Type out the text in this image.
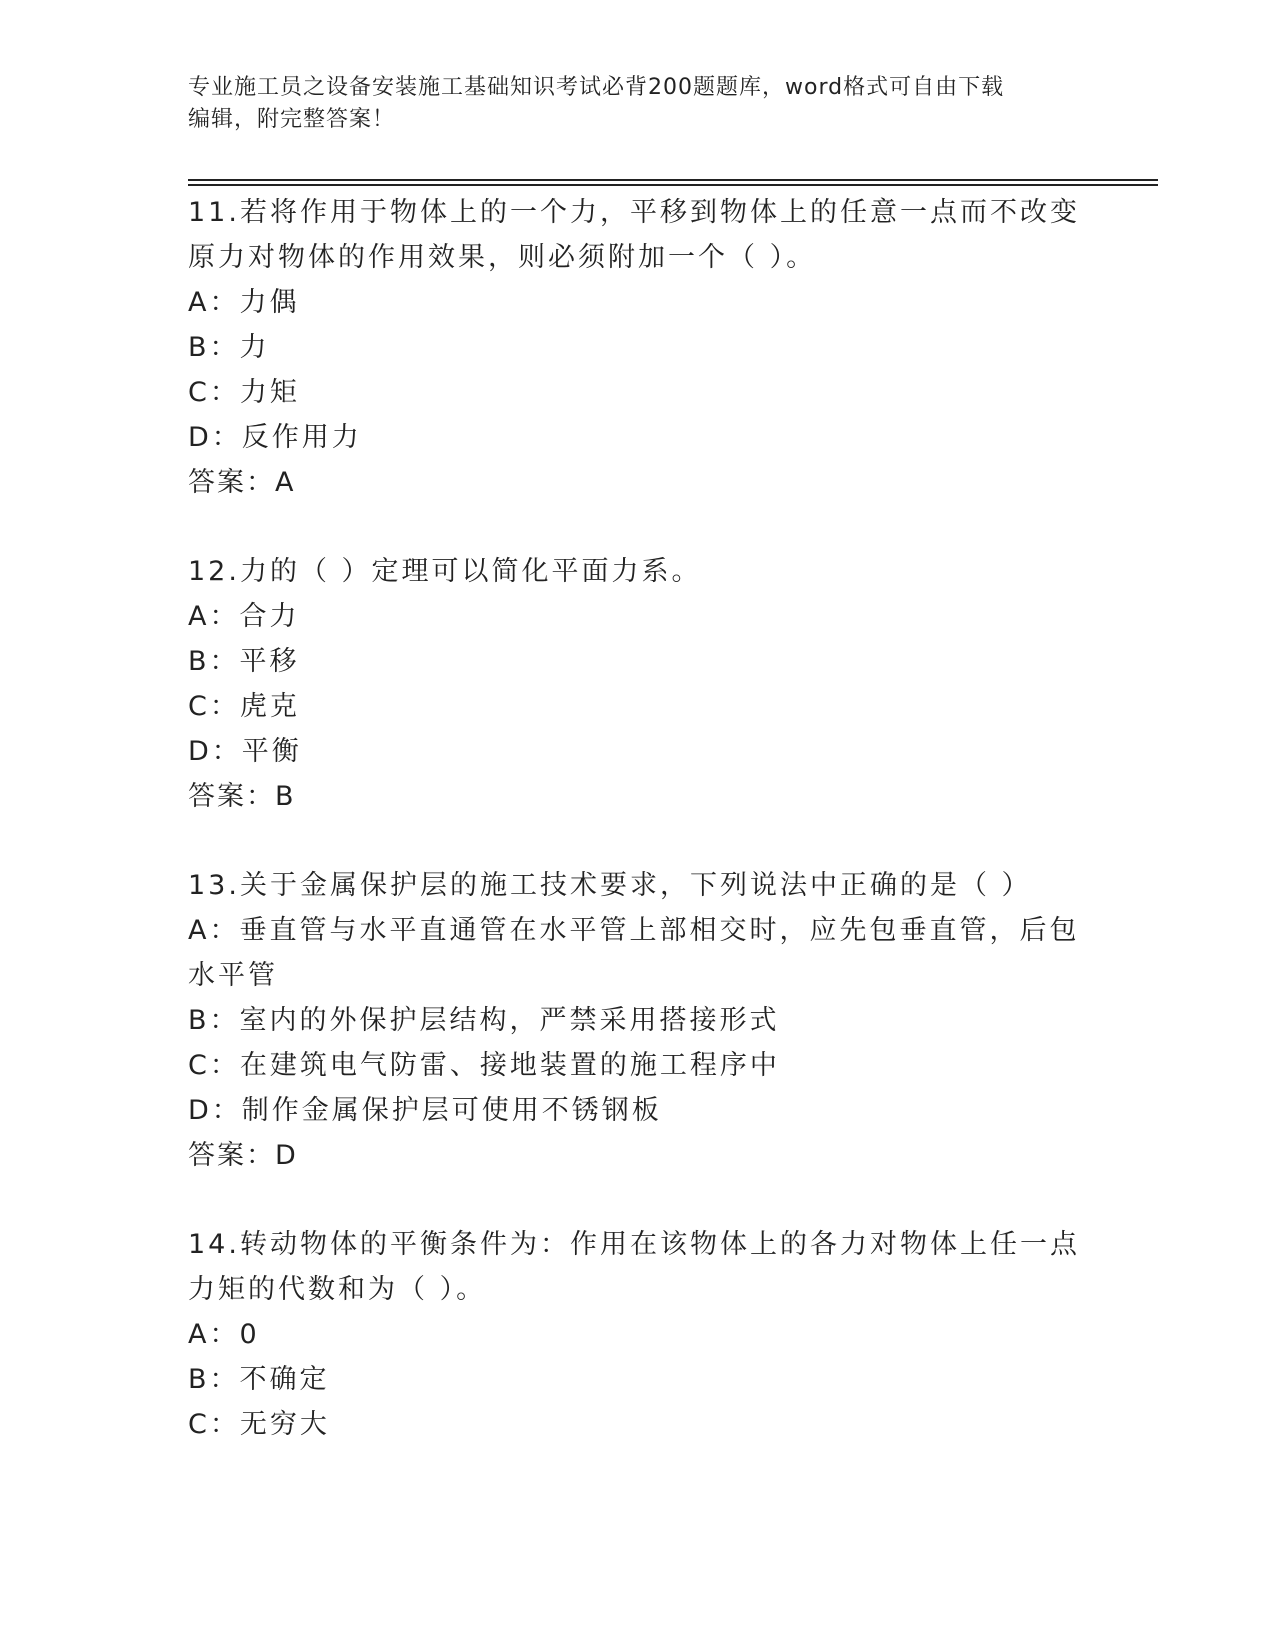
专业施工员之设备安装施工基础知识考试必背200题题库，word格式可自由下载
编辑，附完整答案！

11.若将作用于物体上的一个力，平移到物体上的任意一点而不改变原力对物体的作用效果，则必须附加一个（ ）。

A：力偶

B：力

C：力矩

D：反作用力

答案：A

12.力的（ ）定理可以简化平面力系。

A：合力

B：平移

C：虎克

D：平衡

答案：B

13.关于金属保护层的施工技术要求，下列说法中正确的是（ ）

A：垂直管与水平直通管在水平管上部相交时，应先包垂直管，后包水平管

B：室内的外保护层结构，严禁采用搭接形式

C：在建筑电气防雷、接地装置的施工程序中

D：制作金属保护层可使用不锈钢板

答案：D

14.转动物体的平衡条件为：作用在该物体上的各力对物体上任一点力矩的代数和为（ ）。

A：0

B：不确定

C：无穷大
